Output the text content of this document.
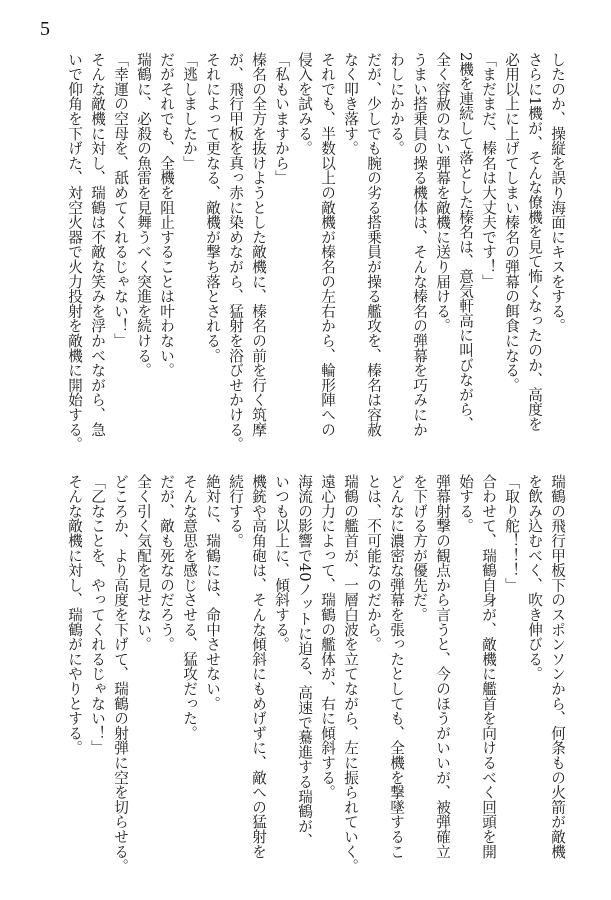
5
したのか、操縦を誤り海面にキスをする。
さらに1機が、そんな僚機を見て怖くなったのか、高度を
必用以上に上げてしまい榛名の弾幕の餌食になる。
「まだまだ、榛名は大丈夫です！」
2機を連続して落とした榛名は、意気軒高に叫びながら、
全く容赦のない弾幕を敵機に送り届ける。
うまい搭乗員の操る機体は、そんな榛名の弾幕を巧みにか
わしにかかる。
だが、少しでも腕の劣る搭乗員が操る艦攻を、榛名は容赦
なく叩き落す。
それでも、半数以上の敵機が榛名の左右から、輪形陣への
侵入を試みる。
「私もいますから」
榛名の全方を抜けようとした敵機に、榛名の前を行く筑摩
が、飛行甲板を真っ赤に染めながら、猛射を浴びせかける。
それによって更なる、敵機が撃ち落とされる。
「逃しましたか」
だがそれでも、全機を阻止することは叶わない。
瑞鶴に、必殺の魚雷を見舞うべく突進を続ける。
「幸運の空母を、舐めてくれるじゃない！」
そんな敵機に対し、瑞鶴は不敵な笑みを浮かべながら、急
いで仰角を下げた、対空火器で火力投射を敵機に開始する。
瑞鶴の飛行甲板下のスポンソンから、何条もの火箭が敵機
を飲み込むべく、吹き伸びる。
「取り舵！！！」
合わせて、瑞鶴自身が、敵機に艦首を向けるべく回頭を開
始する。
弾幕射撃の観点から言うと、今のほうがいいが、被弾確立
を下げる方が優先だ。
どんなに濃密な弾幕を張ったとしても、全機を撃墜するこ
とは、不可能なのだから。
瑞鶴の艦首が、一層白波を立てながら、左に振られていく。
遠心力によって、瑞鶴の艦体が、右に傾斜する。
海流の影響で40ノットに迫る、高速で驀進する瑞鶴が、
いつも以上に、傾斜する。
機銃や高角砲は、そんな傾斜にもめげずに、敵への猛射を
続行する。
絶対に、瑞鶴には、命中させない。
そんな意思を感じさせる、猛攻だった。
だが、敵も死なのだろう。
全く引く気配を見せない。
どころか、より高度を下げて、瑞鶴の射弾に空を切らせる。
「乙なことを、やってくれるじゃない！」
そんな敵機に対し、瑞鶴がにやりとする。
